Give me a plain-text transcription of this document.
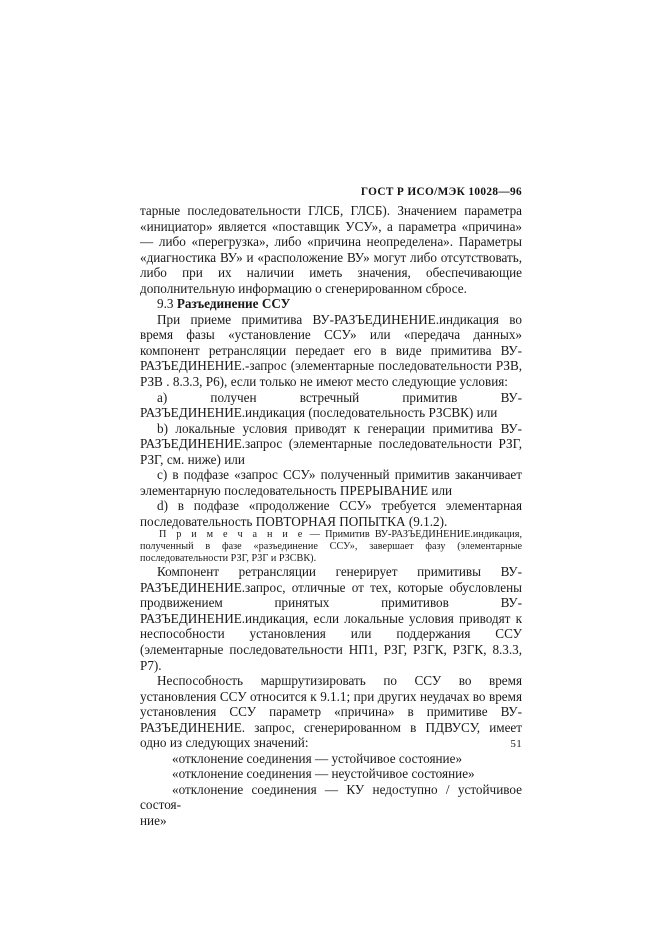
ГОСТ Р ИСО/МЭК 10028—96

тарные последовательности ГЛСБ, ГЛСБ). Значением параметра «инициатор» является «поставщик УСУ», а параметра «причина» — либо «перегрузка», либо «причина неопределена». Параметры «диагностика ВУ» и «расположение ВУ» могут либо отсутствовать, либо при их наличии иметь значения, обеспечивающие дополнительную информацию о сгенерированном сбросе.

9.3 Разъединение ССУ

При приеме примитива ВУ-РАЗЪЕДИНЕНИЕ.индикация во время фазы «установление ССУ» или «передача данных» компонент ретрансляции передает его в виде примитива ВУ-РАЗЪЕДИНЕНИЕ.-запрос (элементарные последовательности РЗВ, РЗВ . 8.3.3, Р6), если только не имеют место следующие условия:

a) получен встречный примитив ВУ-РАЗЪЕДИНЕНИЕ.индикация (последовательность РЗСВК) или

b) локальные условия приводят к генерации примитива ВУ-РАЗЪЕДИНЕНИЕ.запрос (элементарные последовательности РЗГ, РЗГ, см. ниже) или

c) в подфазе «запрос ССУ» полученный примитив заканчивает элементарную последовательность ПРЕРЫВАНИЕ или

d) в подфазе «продолжение ССУ» требуется элементарная последовательность ПОВТОРНАЯ ПОПЫТКА (9.1.2).

П р и м е ч а н и е — Примитив ВУ-РАЗЪЕДИНЕНИЕ.индикация, полученный в фазе «разъединение ССУ», завершает фазу (элементарные последовательности РЗГ, РЗГ и РЗСВК).

Компонент ретрансляции генерирует примитивы ВУ-РАЗЪЕДИНЕНИЕ.запрос, отличные от тех, которые обусловлены продвижением принятых примитивов ВУ-РАЗЪЕДИНЕНИЕ.индикация, если локальные условия приводят к неспособности установления или поддержания ССУ (элементарные последовательности НП1, РЗГ, РЗГК, РЗГК, 8.3.3, Р7).

Неспособность маршрутизировать по ССУ во время установления ССУ относится к 9.1.1; при других неудачах во время установления ССУ параметр «причина» в примитиве ВУ-РАЗЪЕДИНЕНИЕ. запрос, сгенерированном в ПДВУСУ, имеет одно из следующих значений:

«отклонение соединения — устойчивое состояние»

«отклонение соединения — неустойчивое состояние»

«отклонение соединения — КУ недоступно / устойчивое состоя-

ние»

51
